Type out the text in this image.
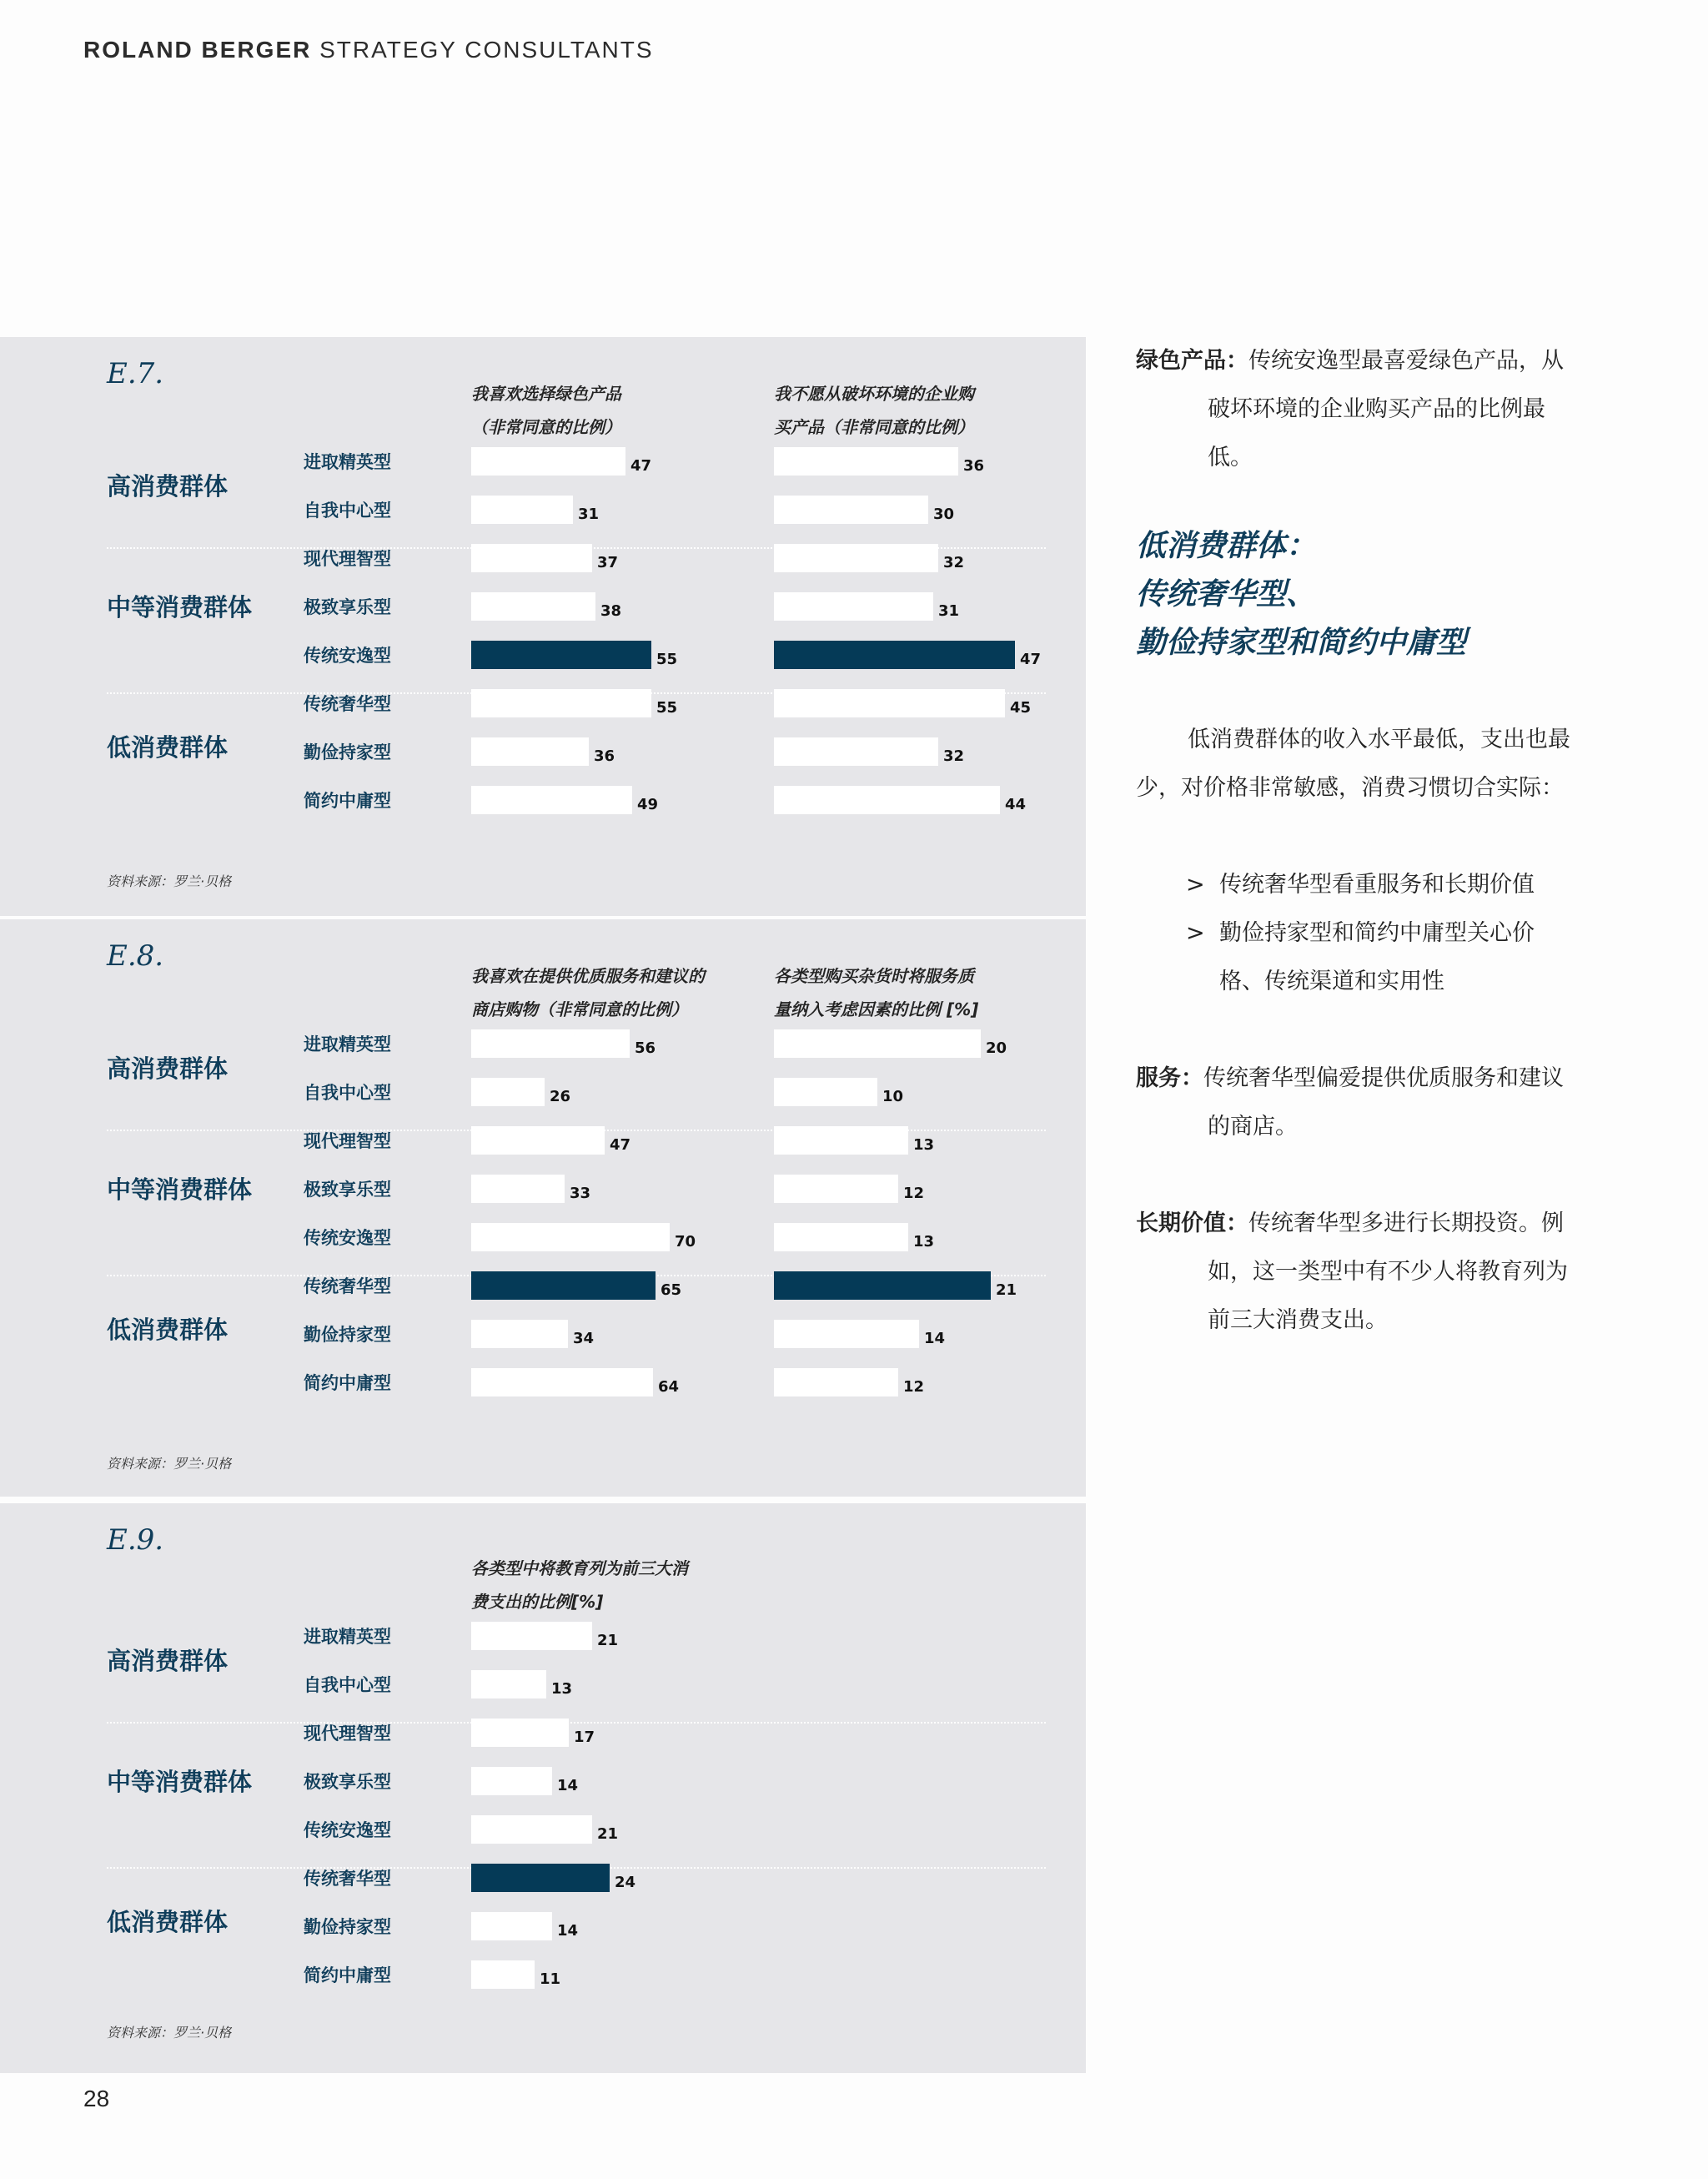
ROLAND BERGER STRATEGY CONSULTANTS
E.7.
我喜欢选择绿色产品
（非常同意的比例）
我不愿从破坏环境的企业购
买产品（非常同意的比例）
高消费群体
中等消费群体
低消费群体
进取精英型	47	36
自我中心型	31	30
现代理智型	37	32
极致享乐型	38	31
传统安逸型	55	47
传统奢华型	55	45
勤俭持家型	36	32
简约中庸型	49	44
资料来源：罗兰·贝格
E.8.
我喜欢在提供优质服务和建议的
商店购物（非常同意的比例）
各类型购买杂货时将服务质
量纳入考虑因素的比例 [%]
高消费群体
中等消费群体
低消费群体
进取精英型	56	20
自我中心型	26	10
现代理智型	47	13
极致享乐型	33	12
传统安逸型	70	13
传统奢华型	65	21
勤俭持家型	34	14
简约中庸型	64	12
资料来源：罗兰·贝格
E.9.
各类型中将教育列为前三大消
费支出的比例[%]
高消费群体
中等消费群体
低消费群体
进取精英型	21
自我中心型	13
现代理智型	17
极致享乐型	14
传统安逸型	21
传统奢华型	24
勤俭持家型	14
简约中庸型	11
资料来源：罗兰·贝格
28
绿色产品：传统安逸型最喜爱绿色产品，从
破坏环境的企业购买产品的比例最
低。
低消费群体的收入水平最低，支出也最
少，对价格非常敏感，消费习惯切合实际：
> 传统奢华型看重服务和长期价值
> 勤俭持家型和简约中庸型关心价
格、传统渠道和实用性
服务：传统奢华型偏爱提供优质服务和建议
的商店。
长期价值：传统奢华型多进行长期投资。例
如，这一类型中有不少人将教育列为
前三大消费支出。
低消费群体：
传统奢华型、
勤俭持家型和简约中庸型
